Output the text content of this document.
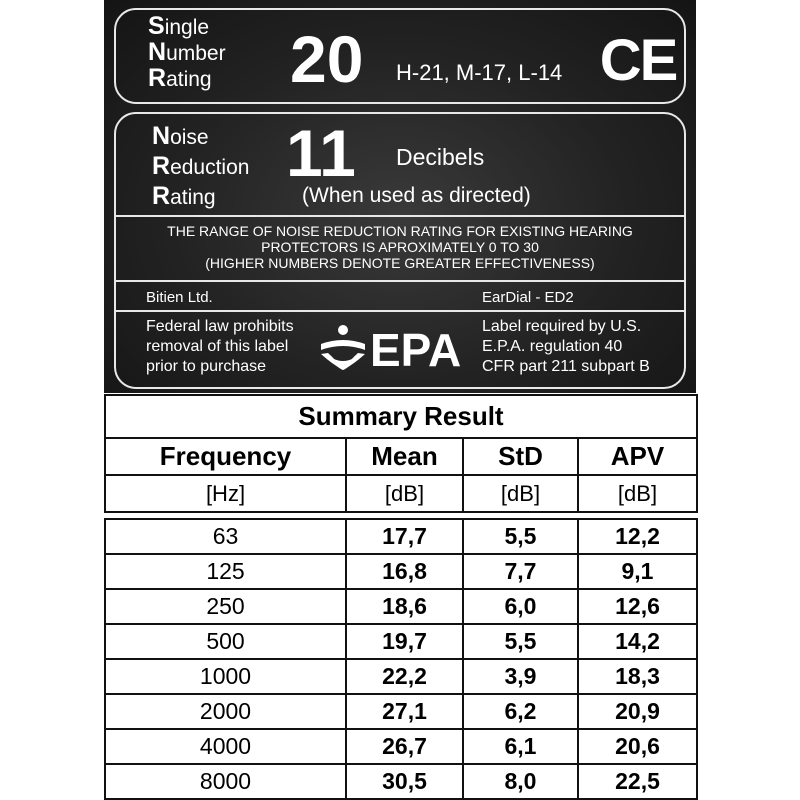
Single
Number
Rating 20 H-21, M-17, L-14 CE
Noise
Reduction
Rating
11 Decibels
(When used as directed)
THE RANGE OF NOISE REDUCTION RATING FOR EXISTING HEARING
PROTECTORS IS APROXIMATELY 0 TO 30
(HIGHER NUMBERS DENOTE GREATER EFFECTIVENESS)
Bitien Ltd.	EarDial - ED2
Federal law prohibits
removal of this label
prior to purchase
Label required by U.S.
E.P.A. regulation 40
CFR part 211 subpart B
EPA
Summary Result			
Frequency	Mean	StD	APV
[Hz]	[dB]	[dB]	[dB]

63	17,7	5,5	12,2
125	16,8	7,7	9,1
250	18,6	6,0	12,6
500	19,7	5,5	14,2
1000	22,2	3,9	18,3
2000	27,1	6,2	20,9
4000	26,7	6,1	20,6
8000	30,5	8,0	22,5
